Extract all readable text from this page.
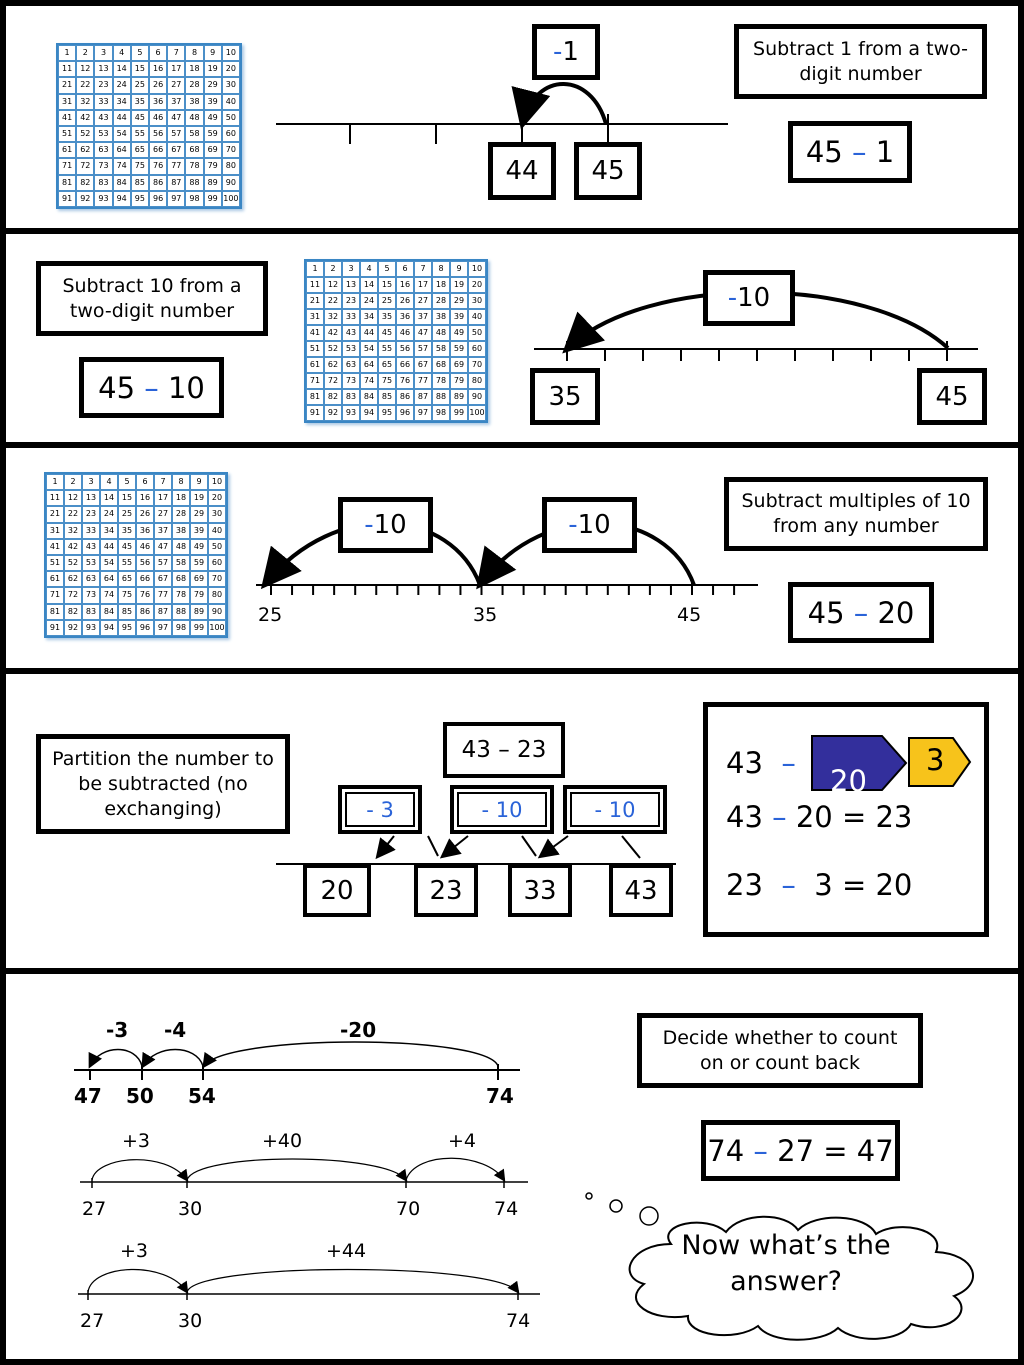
1	2	3	4	5	6	7	8	9	10
11	12	13	14	15	16	17	18	19	20
21	22	23	24	25	26	27	28	29	30
31	32	33	34	35	36	37	38	39	40
41	42	43	44	45	46	47	48	49	50
51	52	53	54	55	56	57	58	59	60
61	62	63	64	65	66	67	68	69	70
71	72	73	74	75	76	77	78	79	80
81	82	83	84	85	86	87	88	89	90
91	92	93	94	95	96	97	98	99 100
- 1
44 45
Subtract 1 from a two-digit number
45
–
1
Subtract 10 from a two-digit number
45
–
10
1	2	3	4	5	6	7	8	9	10
11 12 13 14 15 16 17 18 19 20
21 22 23 24 25 26 27 28 29 30
31 32 33 34 35 36 37 38 39 40
41 42 43 44 45 46 47 48 49 50
51 52 53 54 55 56 57 58 59 60
61 62 63 64 65 66 67 68 69 70
71 72 73 74 75 76 77 78 79 80
81 82 83 84 85 86 87 88 89 90
91 92 93 94 95 96 97 98 99 100
- 10
35	45
1	2	3	4	5	6	7	8	9	10
11 12 13 14 15 16 17 18 19 20
21 22 23 24 25 26 27 28 29 30
31 32 33 34 35 36 37 38 39 40
41 42 43 44 45 46 47 48 49 50
51 52 53 54 55 56 57 58 59 60
61 62 63 64 65 66 67 68 69 70
71 72 73 74 75 76 77 78 79 80
81 82 83 84 85 86 87 88 89 90
91 92 93 94 95 96 97 98 99 100
25	35	45
- 10	- 10
Subtract multiples of 10 from any number
45
–
20
Partition the number to be subtracted (no exchanging)
43 – 23
- 3	- 10	- 10
20	23 33	43
43 –
20
3
43 – 20 = 23
23 – 3 = 20
-3 -4	-20
47 50 54	74
+3	+40	+4
27	30	70	74
+3	+44
27	30	74
Decide whether to count on or count back
74
–
27 = 47
Now what’s the answer?
